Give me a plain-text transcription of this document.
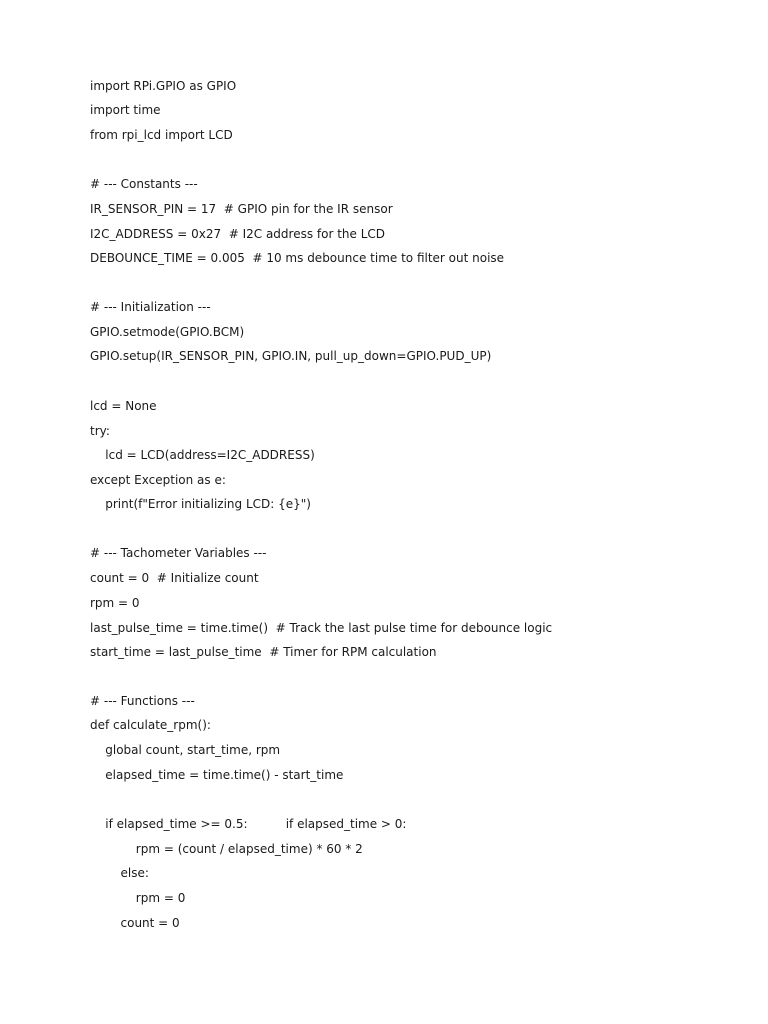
import RPi.GPIO as GPIO
import time
from rpi_lcd import LCD
# --- Constants ---
IR_SENSOR_PIN = 17  # GPIO pin for the IR sensor
I2C_ADDRESS = 0x27  # I2C address for the LCD
DEBOUNCE_TIME = 0.005  # 10 ms debounce time to filter out noise
# --- Initialization ---
GPIO.setmode(GPIO.BCM)
GPIO.setup(IR_SENSOR_PIN, GPIO.IN, pull_up_down=GPIO.PUD_UP)
lcd = None
try:
lcd = LCD(address=I2C_ADDRESS)
except Exception as e:
print(f"Error initializing LCD: {e}")
# --- Tachometer Variables ---
count = 0  # Initialize count
rpm = 0
last_pulse_time = time.time()  # Track the last pulse time for debounce logic
start_time = last_pulse_time  # Timer for RPM calculation
# --- Functions ---
def calculate_rpm():
global count, start_time, rpm
elapsed_time = time.time() - start_time
if elapsed_time >= 0.5:          if elapsed_time > 0:
rpm = (count / elapsed_time) * 60 * 2
else:
rpm = 0
count = 0
